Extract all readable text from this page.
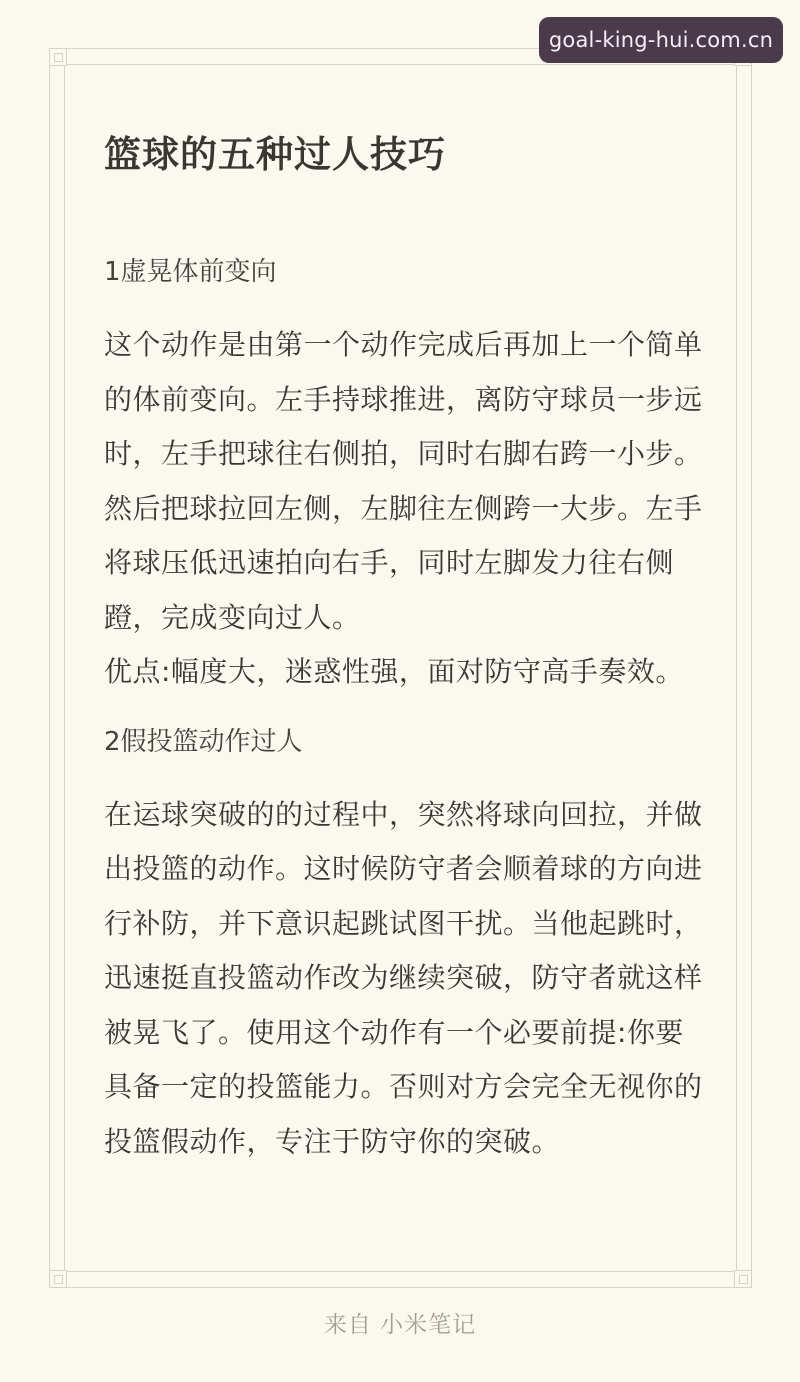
goal-king-hui.com.cn
篮球的五种过人技巧
1虚晃体前变向

这个动作是由第一个动作完成后再加上一个简单的体前变向。左手持球推进，离防守球员一步远时，左手把球往右侧拍，同时右脚右跨一小步。然后把球拉回左侧，左脚往左侧跨一大步。左手将球压低迅速拍向右手，同时左脚发力往右侧蹬，完成变向过人。

优点:幅度大，迷惑性强，面对防守高手奏效。

2假投篮动作过人

在运球突破的的过程中，突然将球向回拉，并做出投篮的动作。这时候防守者会顺着球的方向进行补防，并下意识起跳试图干扰。当他起跳时，迅速挺直投篮动作改为继续突破，防守者就这样被晃飞了。使用这个动作有一个必要前提:你要具备一定的投篮能力。否则对方会完全无视你的投篮假动作，专注于防守你的突破。

来自 小米笔记
